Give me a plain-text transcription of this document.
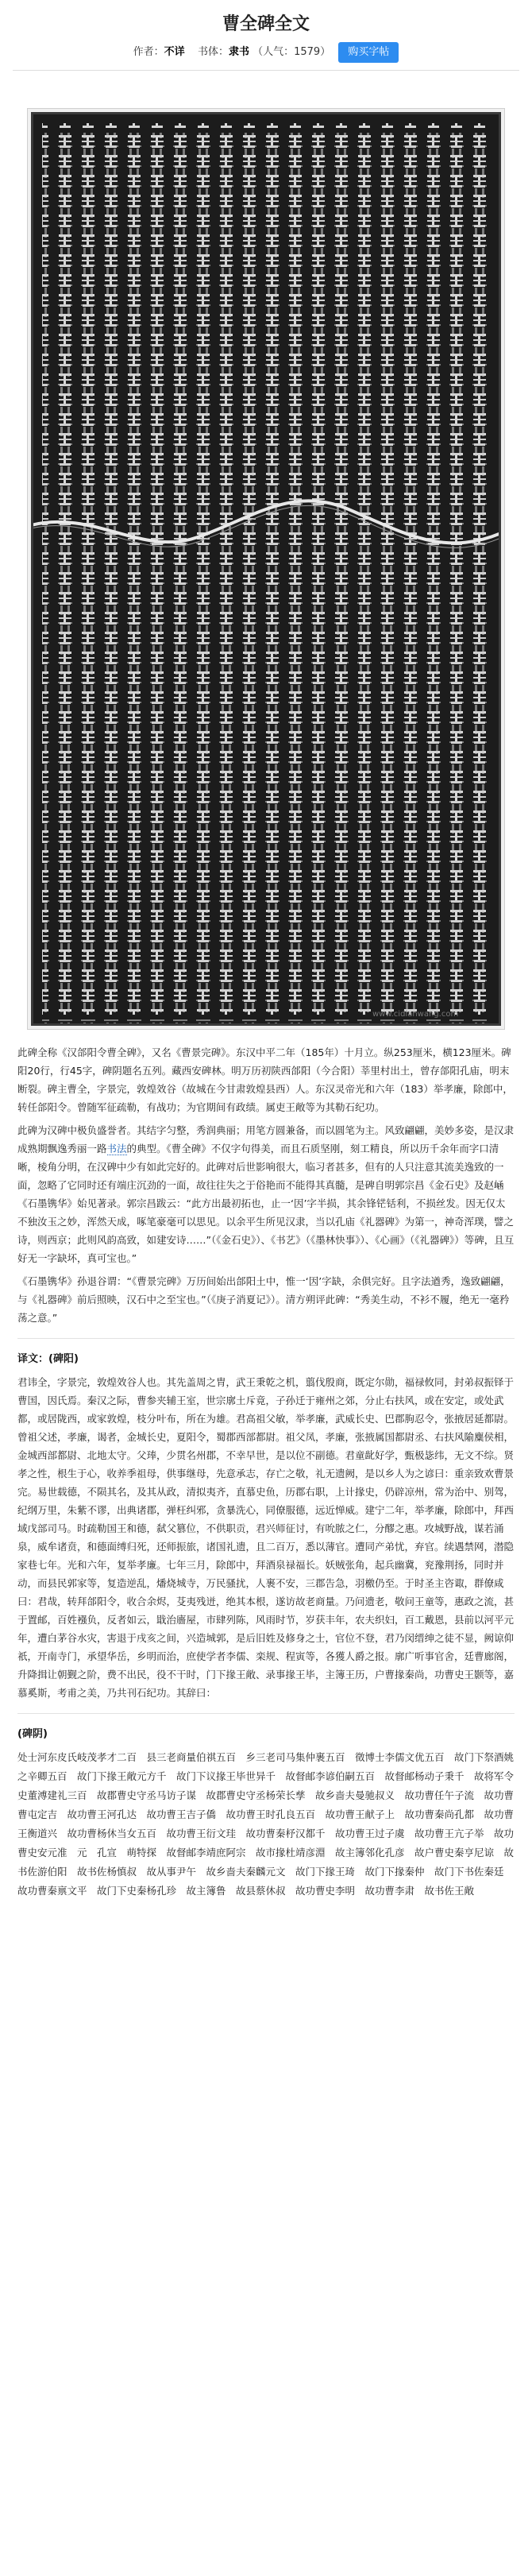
曹全碑全文
作者：不详 书体：隶书 （人气：1579） 购买字帖
www.cidianwang.com

此碑全称《汉郃阳令曹全碑》，又名《曹景完碑》。东汉中平二年（185年）十月立。纵253厘米，横123厘米。碑阳20行，行45字，碑阴题名五列。藏西安碑林。明万历初陕西郃阳（今合阳）莘里村出土，曾存郃阳孔庙，明末断裂。碑主曹全，字景完，敦煌效谷（故城在今甘肃敦煌县西）人。东汉灵帝光和六年（183）举孝廉，除郎中，转任郃阳令。曾随军征疏勒，有战功；为官期间有政绩。属吏王敞等为其勒石纪功。

此碑为汉碑中极负盛誉者。其结字匀整，秀润典丽；用笔方圆兼备，而以圆笔为主。风致翩翩，美妙多姿，是汉隶成熟期飘逸秀丽一路书法的典型。《曹全碑》不仅字句得美，而且石质坚刚，刻工精良，所以历千余年而字口清晰，棱角分明，在汉碑中少有如此完好的。此碑对后世影响很大，临习者甚多，但有的人只注意其流美逸致的一面，忽略了它同时还有端庄沉劲的一面，故往往失之于俗艳而不能得其真髓，是碑自明郭宗昌《金石史》及赵崡《石墨镌华》始见著录。郭宗昌跋云：“此方出最初拓也，止一‘因’字半损，其余锋铓铦利，不损丝发。因无仅太不独汝玉之妙，浑然天成，啄笔豪毫可以思见。以余平生所见汉隶，当以孔庙《礼器碑》为第一，神奇浑璞，譬之诗，则西京；此则风韵高致，如建安诗……”（《金石史》）、《书艺》（《墨林快事》）、《心画》（《礼器碑》）等碑，且互好无一字缺坏，真可宝也。”

《石墨镌华》孙退谷谓：“《曹景完碑》万历间始出郃阳土中，惟一‘因’字缺，余俱完好。且字法遒秀，逸致翩翩，与《礼器碑》前后照映，汉石中之至宝也。”（《庚子消夏记》）。清方朔评此碑：“秀美生动，不衫不履，绝无一毫矜荡之意。”

译文：(碑阳)

君讳全，字景完，敦煌效谷人也。其先盖周之胄，武王秉乾之机，翦伐殷商，既定尔勋，福禄攸同，封弟叔振铎于曹国，因氏焉。秦汉之际，曹参夹辅王室，世宗廓土斥竟，子孙迁于雍州之郊，分止右扶风，或在安定，或处武都，或居陇西，或家敦煌，枝分叶布，所在为雄。君高祖父敏，举孝廉，武威长史、巴郡朐忍令，张掖居延都尉。曾祖父述，孝廉，谒者，金城长史，夏阳令，蜀郡西部都尉。祖父凤，孝廉，张掖属国都尉丞、右扶风隃麋侯相，金城西部都尉、北地太守。父琫，少贯名州郡，不幸早世，是以位不副德。君童龀好学，甄极毖纬，无文不综。贤孝之性，根生于心，收养季祖母，供事继母，先意承志，存亡之敬，礼无遗阙，是以乡人为之谚曰：重亲致欢曹景完。易世载德，不陨其名，及其从政，清拟夷齐，直慕史鱼，历郡右职，上计掾史，仍辟凉州，常为治中、别驾，纪纲万里，朱紫不谬，出典诸郡，弹枉纠邪，贪暴洗心，同僚服德，远近惮威。建宁二年，举孝廉，除郎中，拜西域戊部司马。时疏勒国王和德，弑父篡位，不供职贡，君兴师征讨，有吮脓之仁，分醪之惠。攻城野战，谋若涌泉，威牟诸贲，和德面缚归死，还师振旅，诸国礼遗，且二百万，悉以薄官。遭同产弟忧，弃官。续遇禁网，潜隐家巷七年。光和六年，复举孝廉。七年三月，除郎中，拜酒泉禄福长。妖贼张角，起兵幽冀，兖豫荆扬，同时并动，而县民郭家等，复造逆乱，燔烧城寺，万民骚扰，人裹不安，三郡告急，羽檄仍至。于时圣主咨诹，群僚咸曰：君哉，转拜郃阳令，收合余烬，芟夷残迸，绝其本根，遂访故老商量。乃问遗老，敬问王童等，惠政之流，甚于置邮，百姓襁负，反者如云，戢治廧屋，市肆列陈，风雨时节，岁获丰年，农夫织妇，百工戴恩，县前以河平元年，遭白茅谷水灾，害退于戌亥之间，兴造城郭，是后旧姓及修身之士，官位不登，君乃闵缙绅之徒不显，阙谅仰祇，开南寺门，承望华岳，乡明而治，庶使学者李儒、栾规、程寅等，各獲人爵之报。廓广听事官舍，廷曹廊阁，升降揖让朝觐之阶，费不出民，役不干时，门下掾王敞、录事掾王毕，主簿王历，户曹掾秦尚，功曹史王颢等，嘉慕奚斯，考甫之美，乃共刊石纪功。其辞曰：

(碑阴)

处士河东皮氏岐茂孝才二百　县三老商量伯祺五百　乡三老司马集仲裹五百　徵博士李儒文优五百　故门下祭酒姚之辛卿五百　故门下掾王敞元方千　故门下议掾王毕世异千　故督邮李谚伯嗣五百　故督邮杨动子秉千　故将军令史董溥建礼三百　故郡曹史守丞马访子谋　故郡曹史守丞杨荣长孳　故乡啬夫曼驰叔义　故功曹任午子流　故功曹曹屯定吉　故功曹王河孔达　故功曹王吉子僑　故功曹王时孔良五百　故功曹王献子上　故功曹秦尚孔都　故功曹王衡道兴　故功曹杨休当女五百　故功曹王衍文珪　故功曹秦杼汉都千　故功曹王过子虞　故功曹王亢子举　故功曹史安元准　元　孔宣　萌特探　故督邮李靖庶阿宗　故市掾杜靖彦淵　故主簿邻化孔彦　故户曹史秦亨尼谅　故书佐游伯阳　故书佐杨慎叔　故从事尹午　故乡啬夫秦麟元文　故门下掾王琦　故门下掾秦仲　故门下书佐秦廷　故功曹秦禀文平　故门下史秦杨孔珍　故主簿鲁　故县蔡休叔　故功曹史李明　故功曹李肃　故书佐王敞
